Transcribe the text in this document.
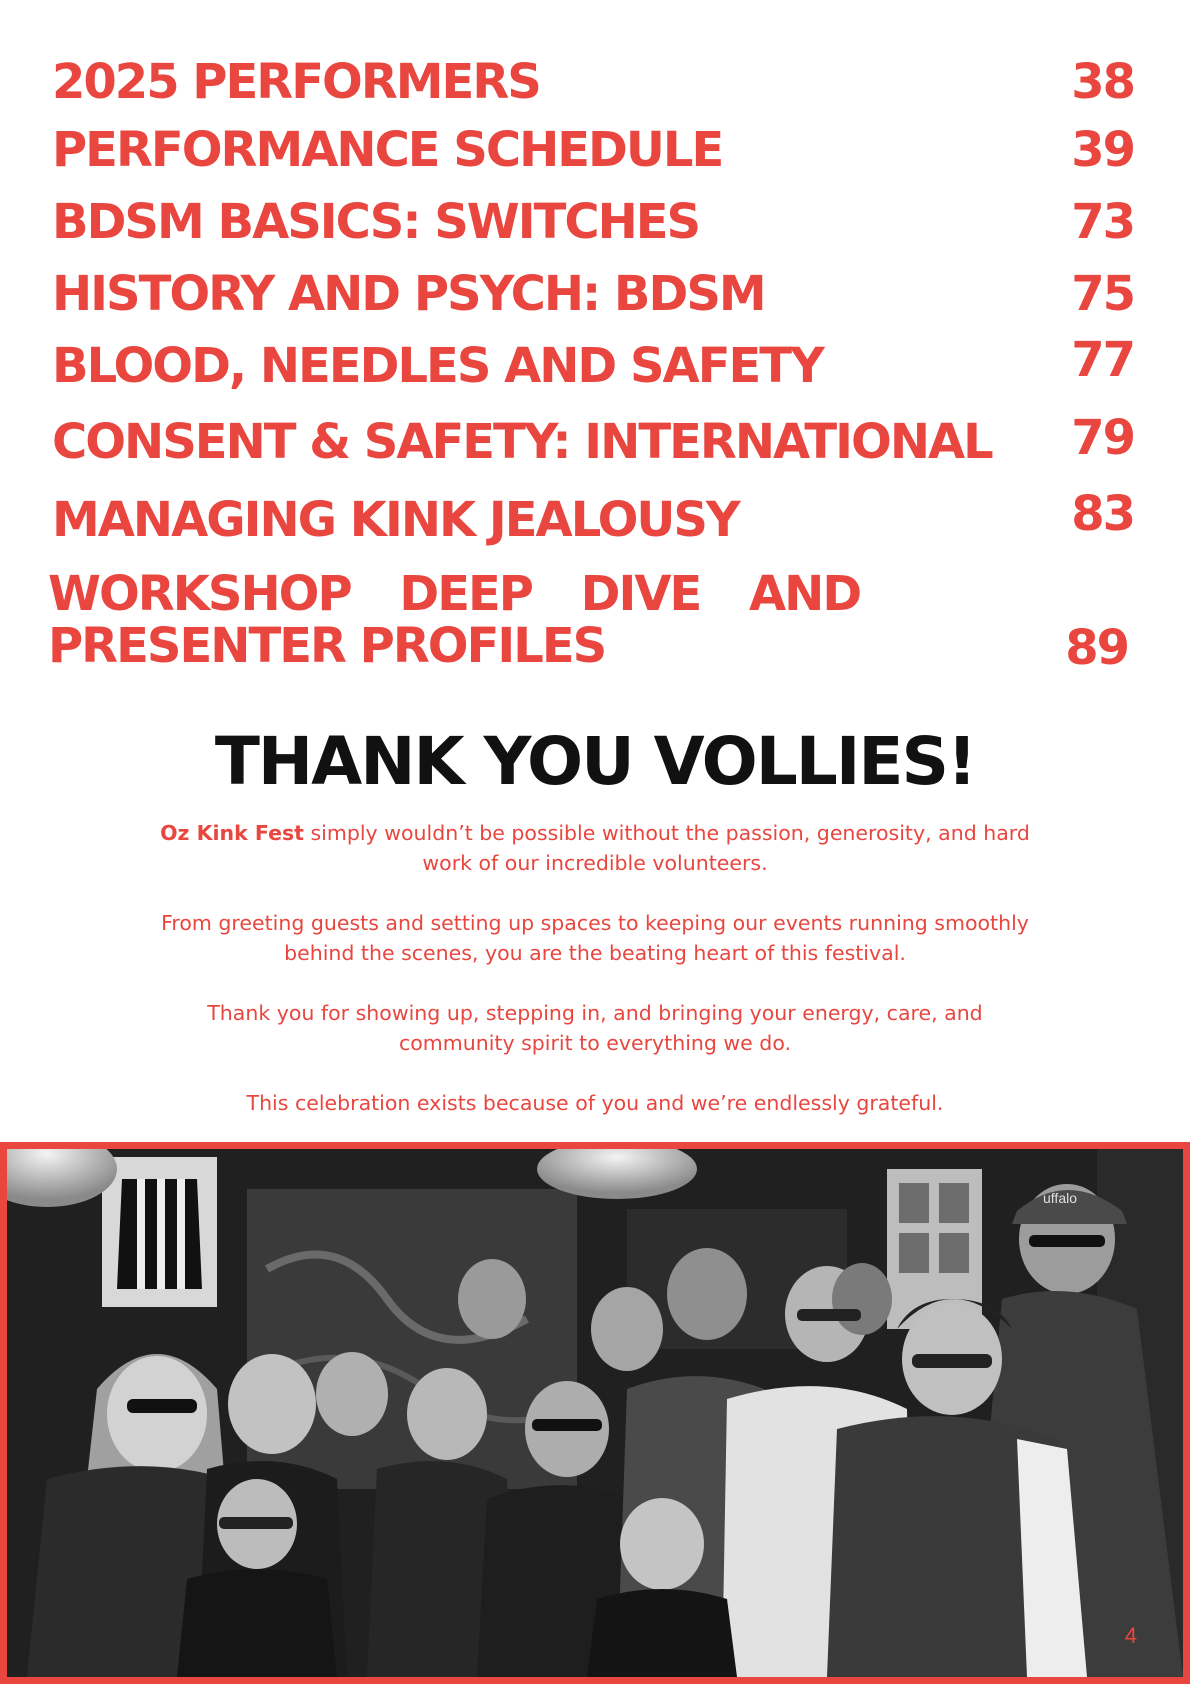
2025 PERFORMERS	38
PERFORMANCE SCHEDULE	39
BDSM BASICS: SWITCHES	73
HISTORY AND PSYCH: BDSM	75
BLOOD, NEEDLES AND SAFETY	77
CONSENT & SAFETY: INTERNATIONAL 79
MANAGING KINK JEALOUSY	83
WORKSHOP DEEP DIVE AND
PRESENTER PROFILES	89
THANK YOU VOLLIES!

Oz Kink Fest simply wouldn’t be possible without the passion, generosity, and hard work of our incredible volunteers.

From greeting guests and setting up spaces to keeping our events running smoothly behind the scenes, you are the beating heart of this festival.

Thank you for showing up, stepping in, and bringing your energy, care, and community spirit to everything we do.

This celebration exists because of you and we’re endlessly grateful.

uffalo
4
